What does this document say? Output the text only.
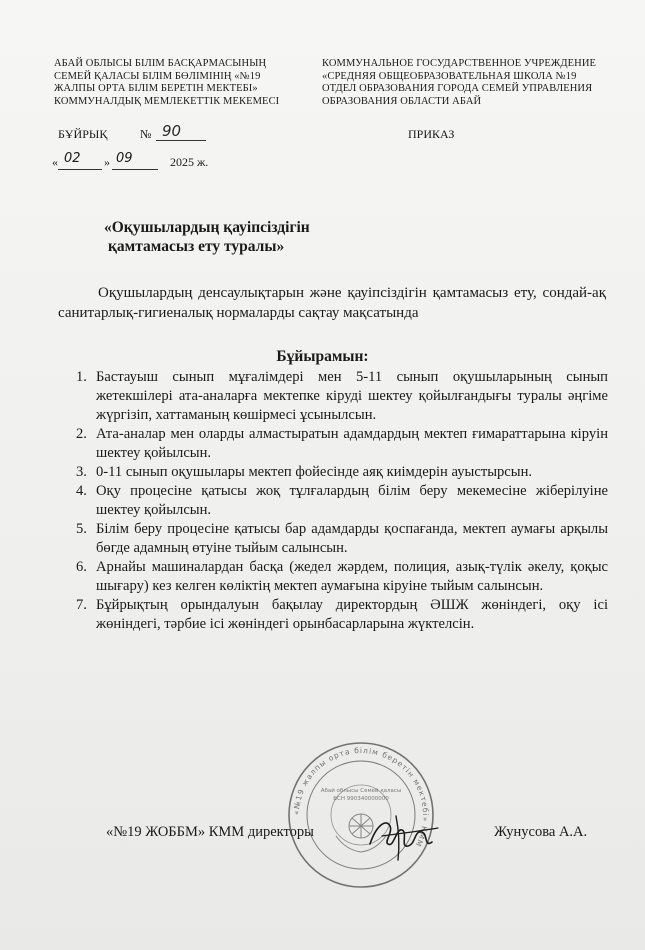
АБАЙ ОБЛЫСЫ БІЛІМ БАСҚАРМАСЫНЫҢ
СЕМЕЙ ҚАЛАСЫ БІЛІМ БӨЛІМІНІҢ «№19
ЖАЛПЫ ОРТА БІЛІМ БЕРЕТІН МЕКТЕБІ»
КОММУНАЛДЫҚ МЕМЛЕКЕТТІК МЕКЕМЕСІ
КОММУНАЛЬНОЕ ГОСУДАРСТВЕННОЕ УЧРЕЖДЕНИЕ
«СРЕДНЯЯ ОБЩЕОБРАЗОВАТЕЛЬНАЯ ШКОЛА №19
ОТДЕЛ ОБРАЗОВАНИЯ ГОРОДА СЕМЕЙ УПРАВЛЕНИЯ
ОБРАЗОВАНИЯ ОБЛАСТИ АБАЙ
БҰЙРЫҚ	№ 90	ПРИКАЗ
« 02 » 09	2025 ж.
«Оқушылардың қауіпсіздігін
қамтамасыз ету туралы»
Оқушылардың денсаулықтарын және қауіпсіздігін қамтамасыз ету, сондай-ақ санитарлық-гигиеналық нормаларды сақтау мақсатында
Бұйырамын:
1. Бастауыш сынып мұғалімдері мен 5-11 сынып оқушыларының сынып жетекшілері ата-аналарға мектепке кіруді шектеу қойылғандығы туралы әңгіме жүргізіп, хаттаманың көшірмесі ұсынылсын.
2. Ата-аналар мен оларды алмастыратын адамдардың мектеп ғимараттарына кіруін шектеу қойылсын.
3. 0-11 сынып оқушылары мектеп фойесінде аяқ киімдерін ауыстырсын.
4. Оқу процесіне қатысы жоқ тұлғалардың білім беру мекемесіне жіберілуіне шектеу қойылсын.
5. Білім беру процесіне қатысы бар адамдарды қоспағанда, мектеп аумағы арқылы бөгде адамның өтуіне тыйым салынсын.
6. Арнайы машиналардан басқа (жедел жәрдем, полиция, азық-түлік әкелу, қоқыс шығару) кез келген көліктің мектеп аумағына кіруіне тыйым салынсын.
7. Бұйрықтың орындалуын бақылау директордың ӘШЖ жөніндегі, оқу ісі жөніндегі, тәрбие ісі жөніндегі орынбасарларына жүктелсін.
«№19 жалпы орта білім беретін мектебі» КММ
Абай облысы Семей қаласы
БСН 990340000000
«№19 ЖОББМ» КММ директоры	Жунусова А.А.
